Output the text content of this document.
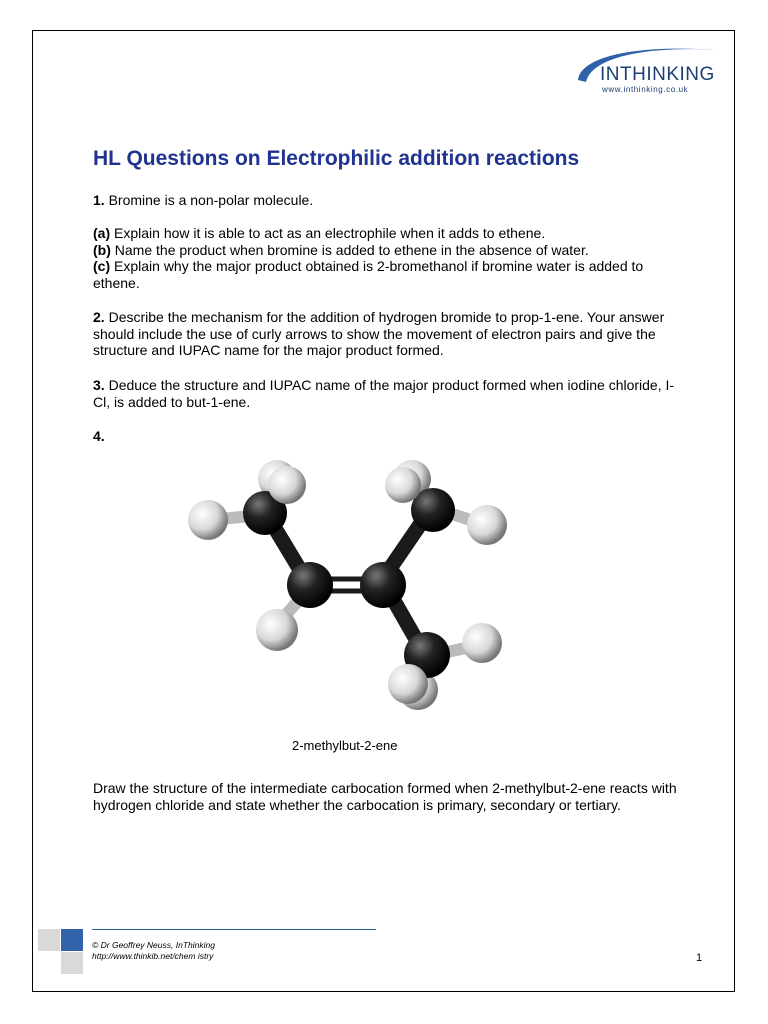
INTHINKING
www.inthinking.co.uk
HL Questions on Electrophilic addition reactions
1. Bromine is a non-polar molecule.
(a) Explain how it is able to act as an electrophile when it adds to ethene.
(b) Name the product when bromine is added to ethene in the absence of water.
(c) Explain why the major product obtained is 2-bromethanol if bromine water is added to ethene.
2. Describe the mechanism for the addition of hydrogen bromide to prop-1-ene. Your answer should include the use of curly arrows to show the movement of electron pairs and give the structure and IUPAC name for the major product formed.
3. Deduce the structure and IUPAC name of the major product formed when iodine chloride, I-Cl, is added to but-1-ene.
4.
2-methylbut-2-ene
Draw the structure of the intermediate carbocation formed when 2-methylbut-2-ene reacts with hydrogen chloride and state whether the carbocation is primary, secondary or tertiary.
© Dr Geoffrey Neuss, InThinking
http://www.thinkib.net/chem istry	1
